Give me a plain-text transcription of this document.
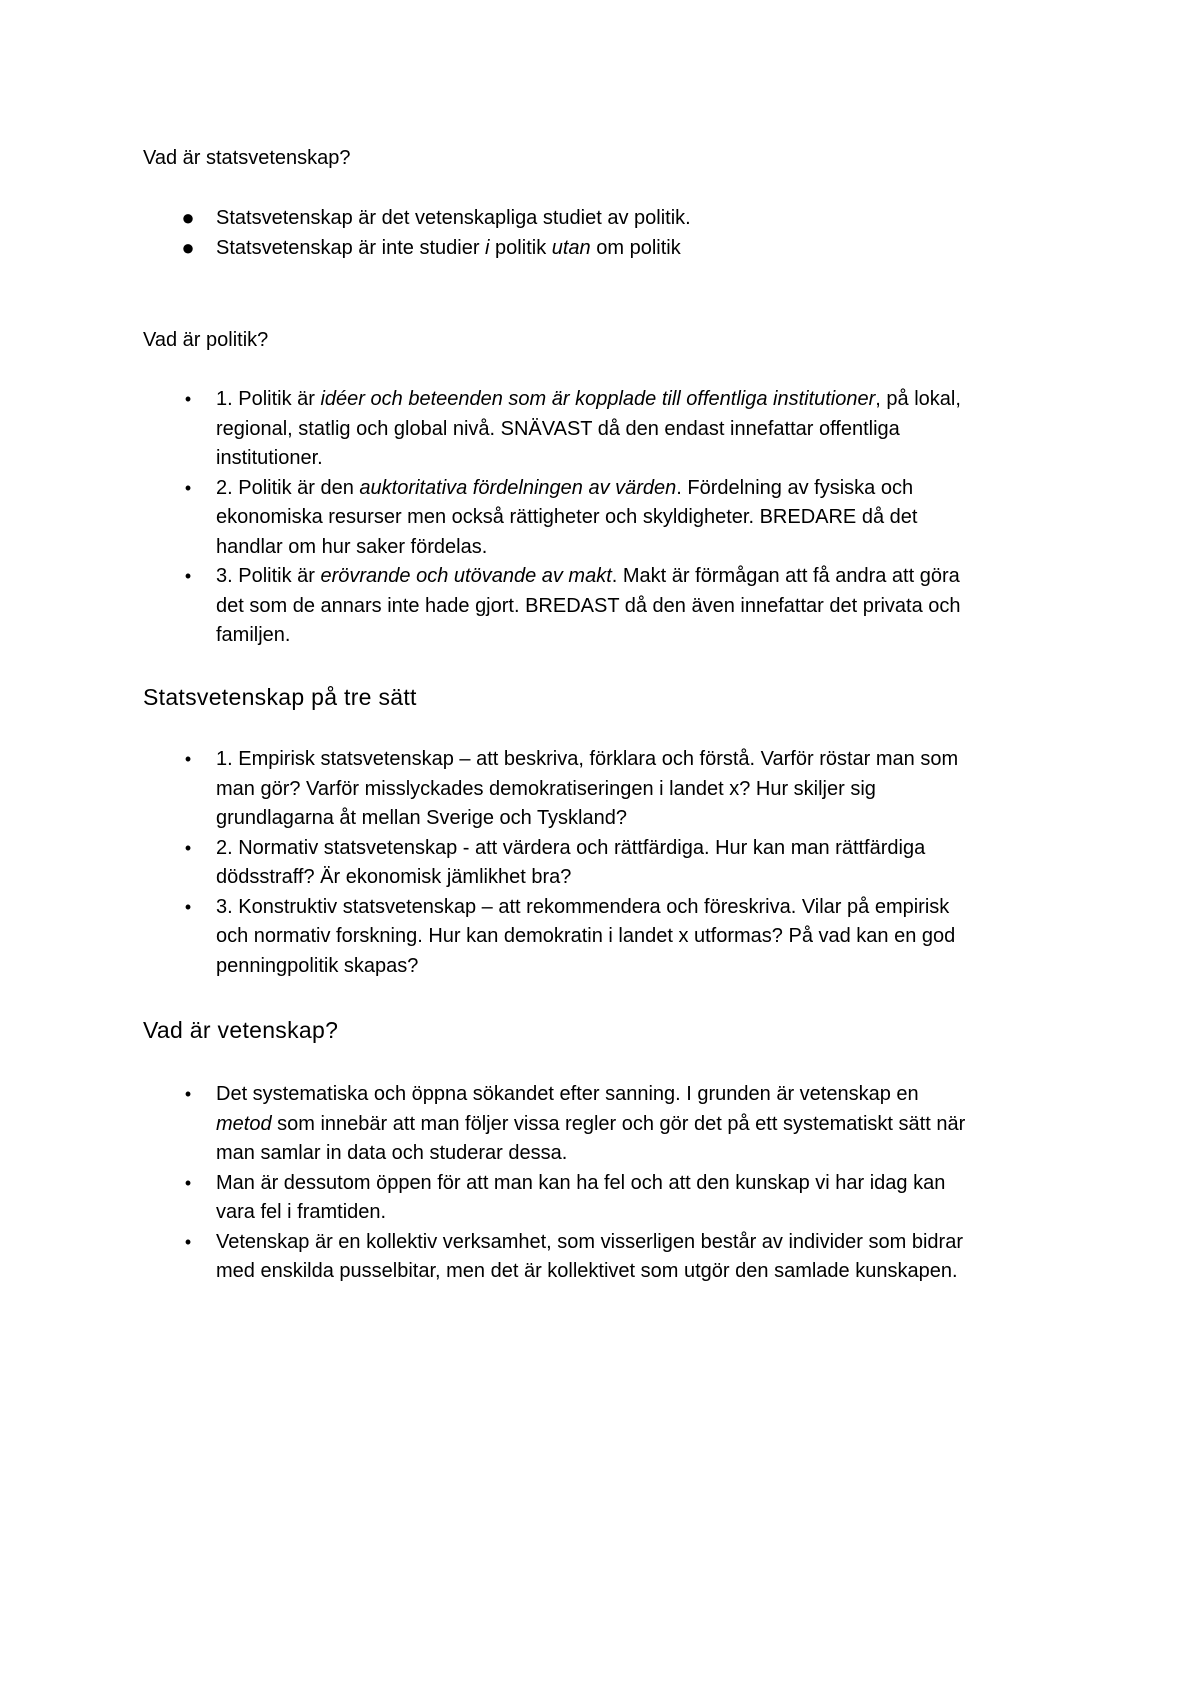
Vad är statsvetenskap?

● Statsvetenskap är det vetenskapliga studiet av politik.
● Statsvetenskap är inte studier i politik utan om politik

Vad är politik?

• 1. Politik är idéer och beteenden som är kopplade till offentliga institutioner, på lokal,
regional, statlig och global nivå. SNÄVAST då den endast innefattar offentliga
institutioner.
• 2. Politik är den auktoritativa fördelningen av värden. Fördelning av fysiska och
ekonomiska resurser men också rättigheter och skyldigheter. BREDARE då det
handlar om hur saker fördelas.
• 3. Politik är erövrande och utövande av makt. Makt är förmågan att få andra att göra
det som de annars inte hade gjort. BREDAST då den även innefattar det privata och
familjen.
Statsvetenskap på tre sätt
• 1. Empirisk statsvetenskap – att beskriva, förklara och förstå. Varför röstar man som
man gör? Varför misslyckades demokratiseringen i landet x? Hur skiljer sig
grundlagarna åt mellan Sverige och Tyskland?
• 2. Normativ statsvetenskap - att värdera och rättfärdiga. Hur kan man rättfärdiga
dödsstraff? Är ekonomisk jämlikhet bra?
• 3. Konstruktiv statsvetenskap – att rekommendera och föreskriva. Vilar på empirisk
och normativ forskning. Hur kan demokratin i landet x utformas? På vad kan en god
penningpolitik skapas?
Vad är vetenskap?
• Det systematiska och öppna sökandet efter sanning. I grunden är vetenskap en
metod som innebär att man följer vissa regler och gör det på ett systematiskt sätt när
man samlar in data och studerar dessa.
• Man är dessutom öppen för att man kan ha fel och att den kunskap vi har idag kan
vara fel i framtiden.
• Vetenskap är en kollektiv verksamhet, som visserligen består av individer som bidrar
med enskilda pusselbitar, men det är kollektivet som utgör den samlade kunskapen.
